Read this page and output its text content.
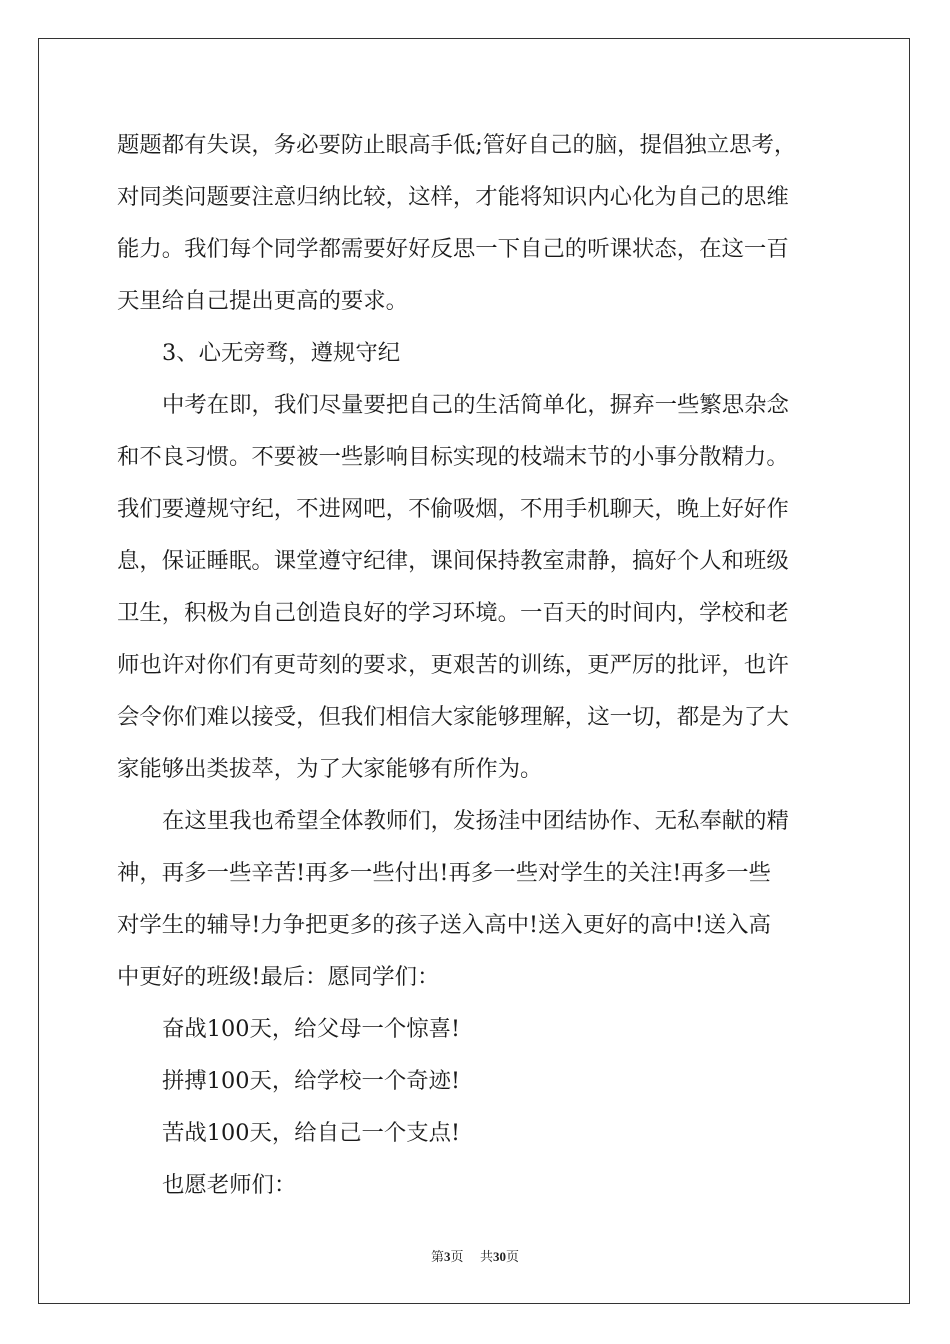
题题都有失误，务必要防止眼高手低;管好自己的脑，提倡独立思考，
对同类问题要注意归纳比较，这样，才能将知识内心化为自己的思维
能力。我们每个同学都需要好好反思一下自己的听课状态，在这一百
天里给自己提出更高的要求。
3、心无旁骛，遵规守纪
中考在即，我们尽量要把自己的生活简单化，摒弃一些繁思杂念
和不良习惯。不要被一些影响目标实现的枝端末节的小事分散精力。
我们要遵规守纪，不进网吧，不偷吸烟，不用手机聊天，晚上好好作
息，保证睡眠。课堂遵守纪律，课间保持教室肃静，搞好个人和班级
卫生，积极为自己创造良好的学习环境。一百天的时间内，学校和老
师也许对你们有更苛刻的要求，更艰苦的训练，更严厉的批评，也许
会令你们难以接受，但我们相信大家能够理解，这一切，都是为了大
家能够出类拔萃，为了大家能够有所作为。
在这里我也希望全体教师们，发扬洼中团结协作、无私奉献的精
神，再多一些辛苦!再多一些付出!再多一些对学生的关注!再多一些
对学生的辅导!力争把更多的孩子送入高中!送入更好的高中!送入高
中更好的班级!最后：愿同学们：
奋战100天，给父母一个惊喜!
拼搏100天，给学校一个奇迹!
苦战100天，给自己一个支点!
也愿老师们：
第3页 共30页
